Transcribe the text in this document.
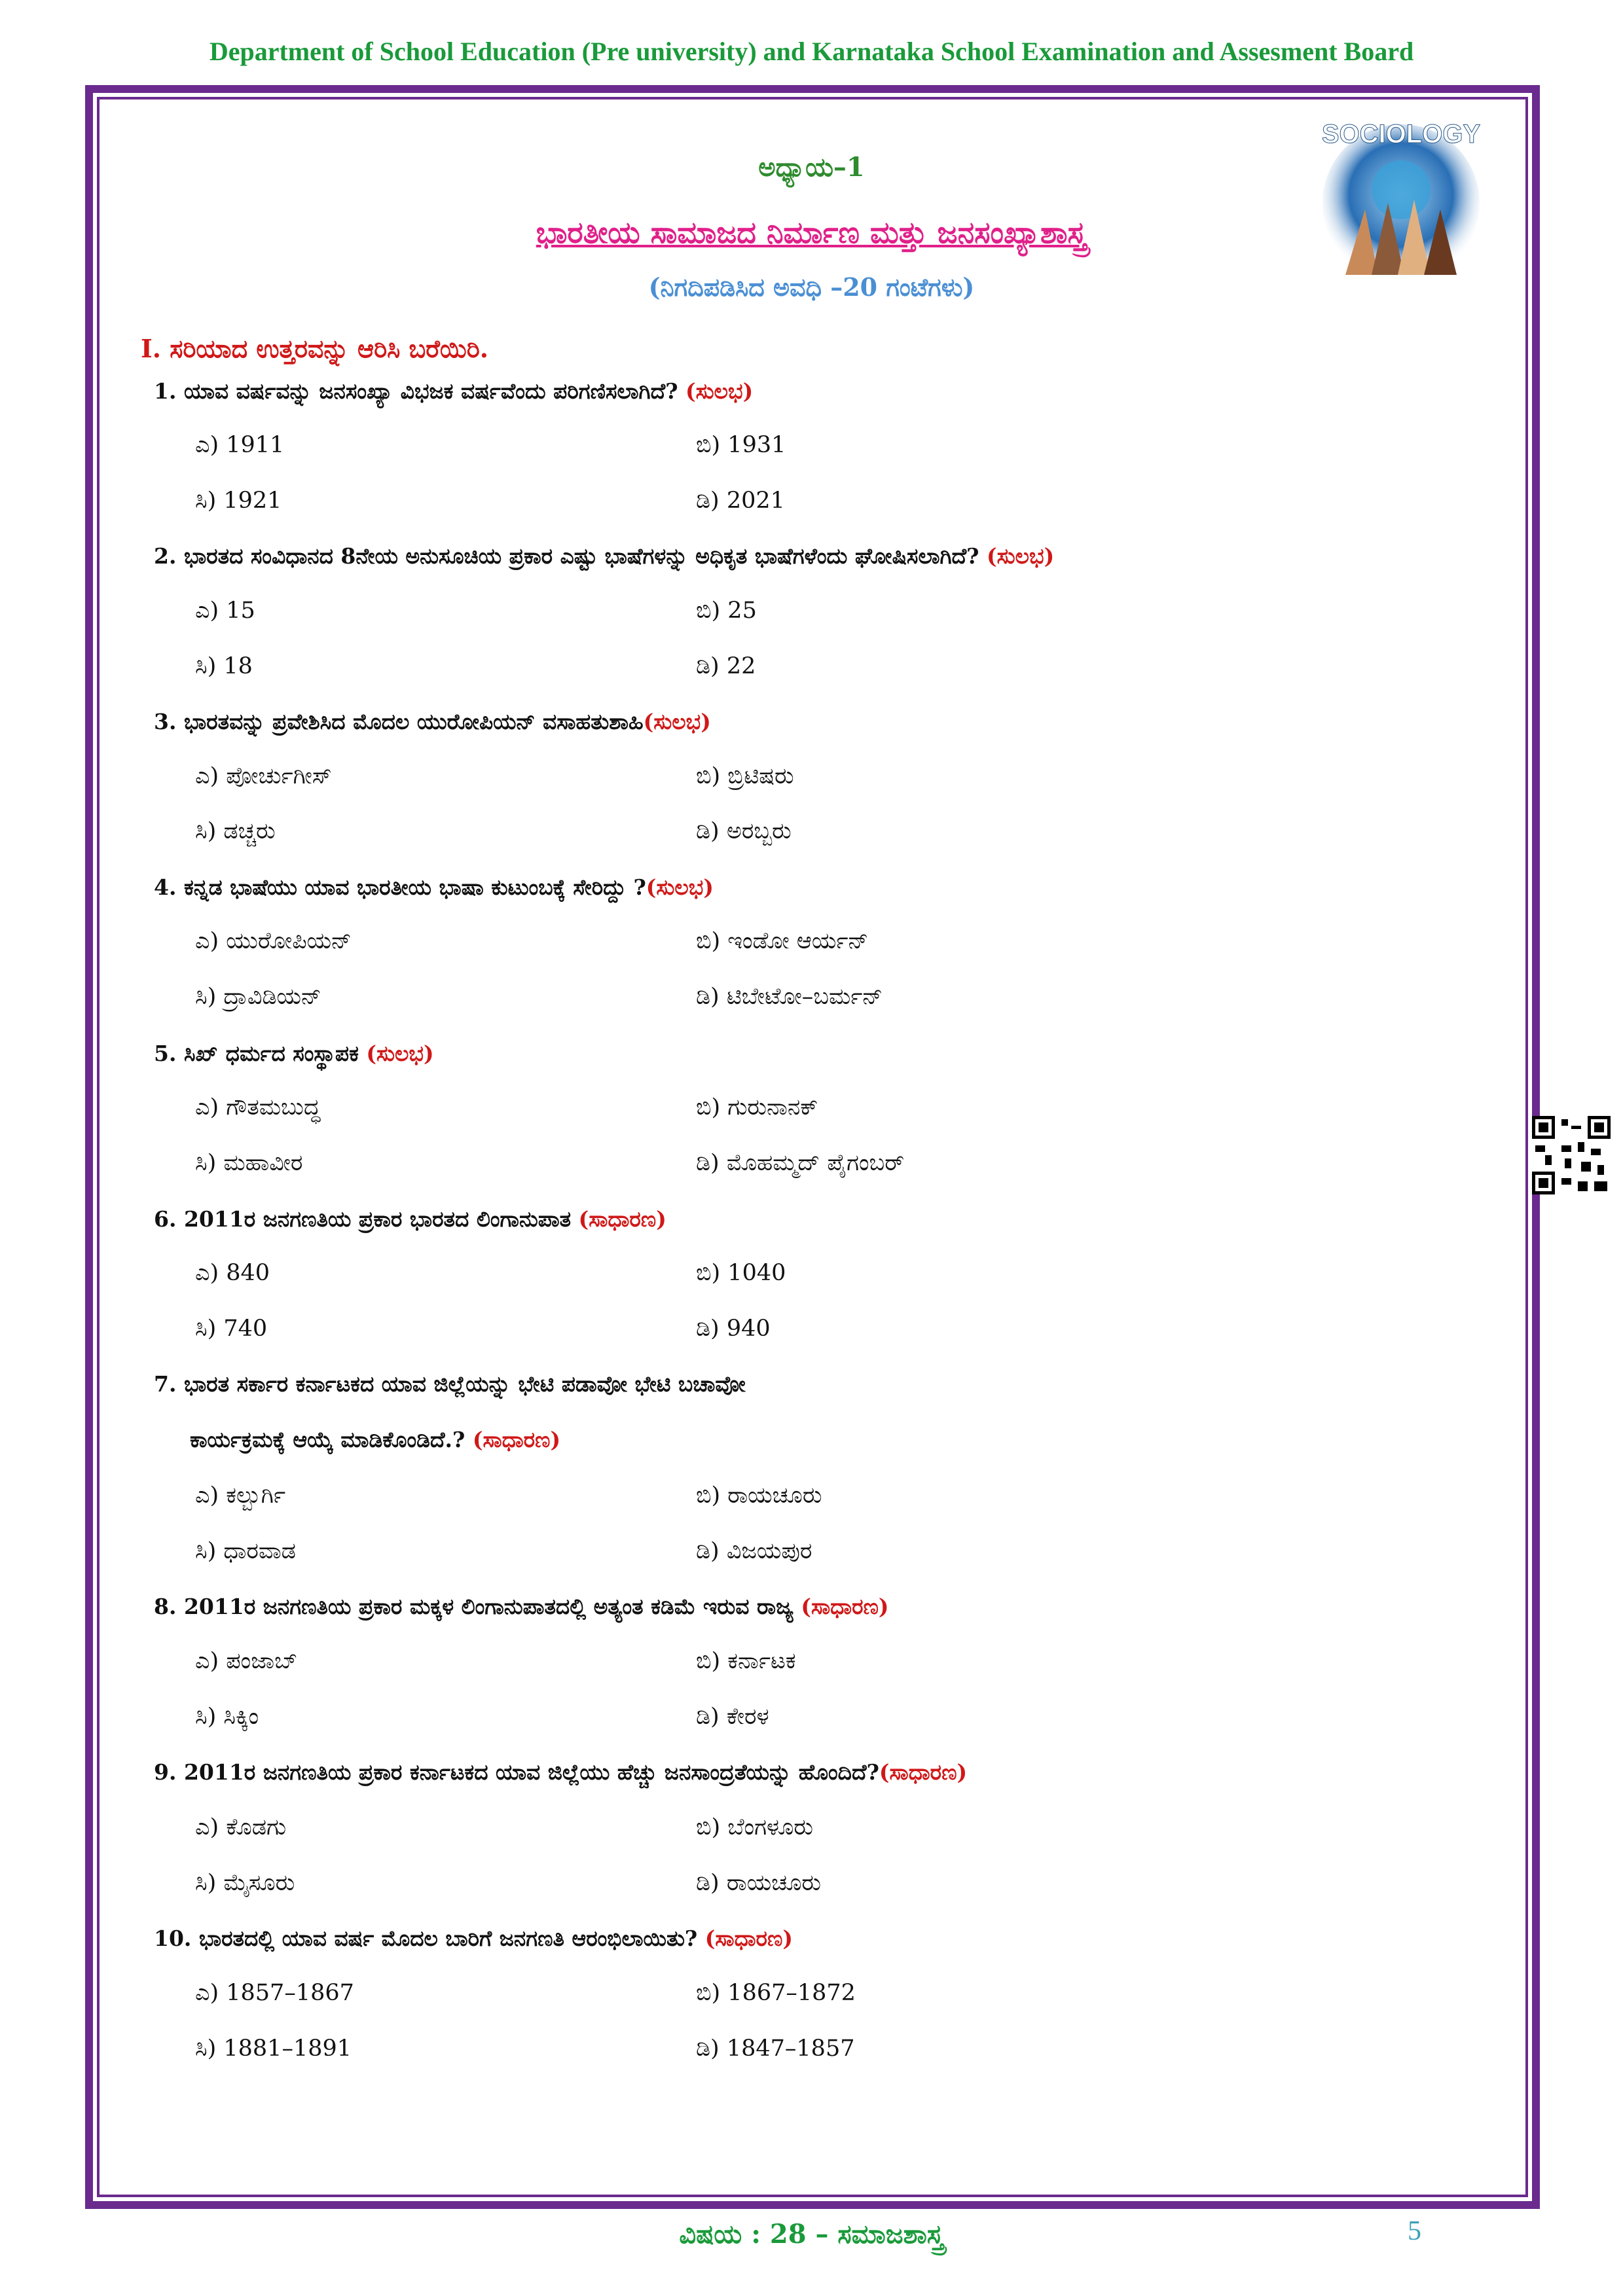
Department of School Education (Pre university) and Karnataka School Examination and Assesment Board
SOCIOLOGY
ಅಧ್ಯಾಯ–1
ಭಾರತೀಯ ಸಾಮಾಜದ ನಿರ್ಮಾಣ ಮತ್ತು ಜನಸಂಖ್ಯಾಶಾಸ್ತ್ರ
(ನಿಗದಿಪಡಿಸಿದ ಅವಧಿ –20 ಗಂಟೆಗಳು)
I. ಸರಿಯಾದ ಉತ್ತರವನ್ನು ಆರಿಸಿ ಬರೆಯಿರಿ.
1. ಯಾವ ವರ್ಷವನ್ನು ಜನಸಂಖ್ಯಾ ವಿಭಜಕ ವರ್ಷವೆಂದು ಪರಿಗಣಿಸಲಾಗಿದೆ? (ಸುಲಭ)
ಎ) 1911	ಬಿ) 1931
ಸಿ) 1921	ಡಿ) 2021
2. ಭಾರತದ ಸಂವಿಧಾನದ 8ನೇಯ ಅನುಸೂಚಿಯ ಪ್ರಕಾರ ಎಷ್ಟು ಭಾಷೆಗಳನ್ನು ಅಧಿಕೃತ ಭಾಷೆಗಳೆಂದು ಘೋಷಿಸಲಾಗಿದೆ? (ಸುಲಭ)
ಎ) 15	ಬಿ) 25
ಸಿ) 18	ಡಿ) 22
3. ಭಾರತವನ್ನು ಪ್ರವೇಶಿಸಿದ ಮೊದಲ ಯುರೋಪಿಯನ್ ವಸಾಹತುಶಾಹಿ(ಸುಲಭ)
ಎ) ಪೋರ್ಚುಗೀಸ್	ಬಿ) ಬ್ರಿಟಿಷರು
ಸಿ) ಡಚ್ಚರು	ಡಿ) ಅರಬ್ಬರು
4. ಕನ್ನಡ ಭಾಷೆಯು ಯಾವ ಭಾರತೀಯ ಭಾಷಾ ಕುಟುಂಬಕ್ಕೆ ಸೇರಿದ್ದು ?(ಸುಲಭ)
ಎ) ಯುರೋಪಿಯನ್	ಬಿ) ಇಂಡೋ ಆರ್ಯನ್
ಸಿ) ದ್ರಾವಿಡಿಯನ್	ಡಿ) ಟಿಬೇಟೋ–ಬರ್ಮನ್
5. ಸಿಖ್ ಧರ್ಮದ ಸಂಸ್ಥಾಪಕ (ಸುಲಭ)
ಎ) ಗೌತಮಬುದ್ಧ	ಬಿ) ಗುರುನಾನಕ್
ಸಿ) ಮಹಾವೀರ	ಡಿ) ಮೊಹಮ್ಮದ್ ಪೈಗಂಬರ್
6. 2011ರ ಜನಗಣತಿಯ ಪ್ರಕಾರ ಭಾರತದ ಲಿಂಗಾನುಪಾತ (ಸಾಧಾರಣ)
ಎ) 840	ಬಿ) 1040
ಸಿ) 740	ಡಿ) 940
7. ಭಾರತ ಸರ್ಕಾರ ಕರ್ನಾಟಕದ ಯಾವ ಜಿಲ್ಲೆಯನ್ನು ಭೇಟಿ ಪಡಾವೋ ಭೇಟಿ ಬಚಾವೋ
ಕಾರ್ಯಕ್ರಮಕ್ಕೆ ಆಯ್ಕೆ ಮಾಡಿಕೊಂಡಿದೆ.? (ಸಾಧಾರಣ)
ಎ) ಕಲ್ಬುರ್ಗಿ	ಬಿ) ರಾಯಚೂರು
ಸಿ) ಧಾರವಾಡ	ಡಿ) ವಿಜಯಪುರ
8. 2011ರ ಜನಗಣತಿಯ ಪ್ರಕಾರ ಮಕ್ಕಳ ಲಿಂಗಾನುಪಾತದಲ್ಲಿ ಅತ್ಯಂತ ಕಡಿಮೆ ಇರುವ ರಾಜ್ಯ (ಸಾಧಾರಣ)
ಎ) ಪಂಜಾಬ್	ಬಿ) ಕರ್ನಾಟಕ
ಸಿ) ಸಿಕ್ಕಿಂ	ಡಿ) ಕೇರಳ
9. 2011ರ ಜನಗಣತಿಯ ಪ್ರಕಾರ ಕರ್ನಾಟಕದ ಯಾವ ಜಿಲ್ಲೆಯು ಹೆಚ್ಚು ಜನಸಾಂದ್ರತೆಯನ್ನು ಹೊಂದಿದೆ?(ಸಾಧಾರಣ)
ಎ) ಕೊಡಗು	ಬಿ) ಬೆಂಗಳೂರು
ಸಿ) ಮೈಸೂರು	ಡಿ) ರಾಯಚೂರು
10. ಭಾರತದಲ್ಲಿ ಯಾವ ವರ್ಷ ಮೊದಲ ಬಾರಿಗೆ ಜನಗಣತಿ ಆರಂಭಿಲಾಯಿತು? (ಸಾಧಾರಣ)
ಎ) 1857–1867	ಬಿ) 1867–1872
ಸಿ) 1881–1891	ಡಿ) 1847–1857
ವಿಷಯ : 28 – ಸಮಾಜಶಾಸ್ತ್ರ	5
